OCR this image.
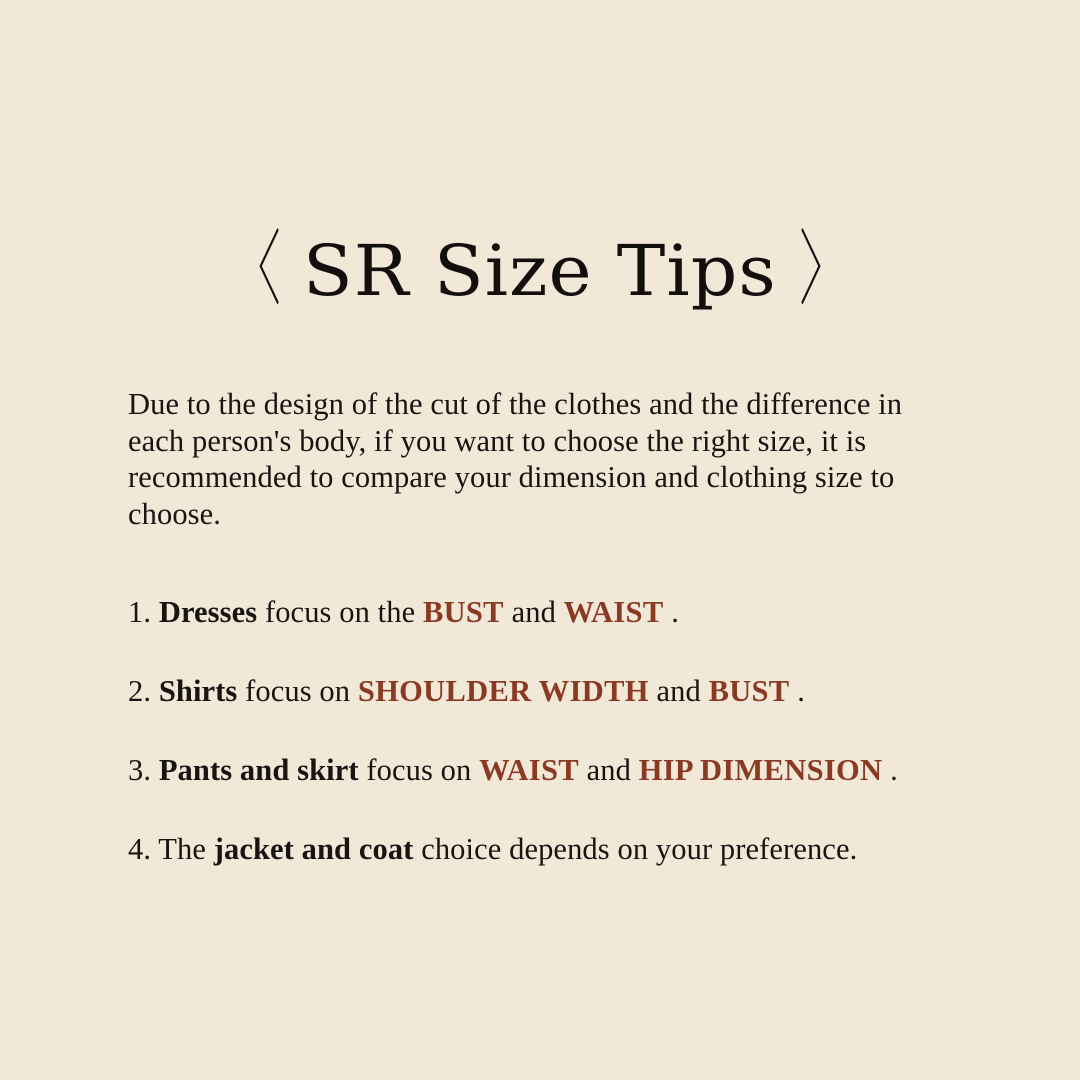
〈 SR Size Tips 〉

Due to the design of the cut of the clothes and the difference in each person's body, if you want to choose the right size, it is recommended to compare your dimension and clothing size to choose.

1. Dresses focus on the BUST and WAIST .
2. Shirts focus on SHOULDER WIDTH and BUST .
3. Pants and skirt focus on WAIST and HIP DIMENSION .
4. The jacket and coat choice depends on your preference.
